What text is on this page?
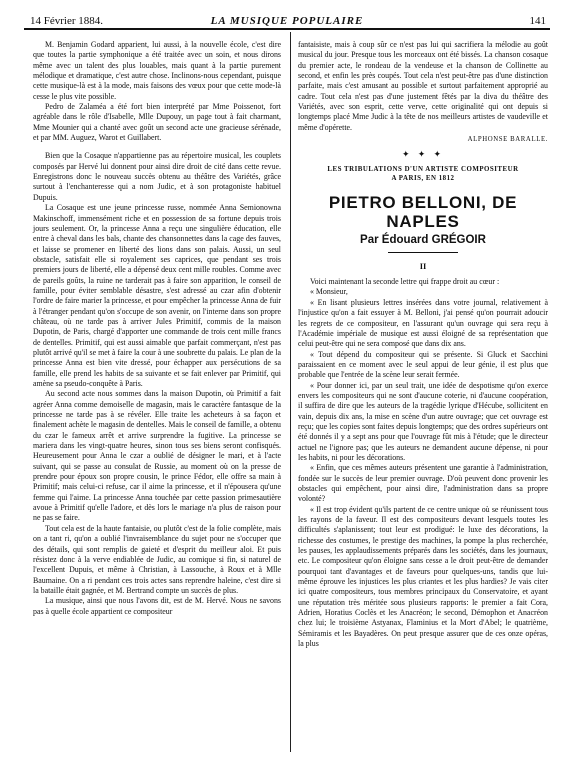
14 Février 1884.	LA MUSIQUE POPULAIRE	141

M. Benjamin Godard apparient, lui aussi, à la nouvelle école, c'est dire que toutes la partie symphonique a été traitée avec un soin, et nous dirons même avec un talent des plus louables, mais quant à la partie purement mélodique et dramatique, c'est autre chose. Inclinons-nous cependant, puisque cette musique-là est à la mode, mais faisons des vœux pour que cette mode-là cesse le plus vite possible.

Pedro de Zalaméa a été fort bien interprété par Mme Poissenot, fort agréable dans le rôle d'Isabelle, Mlle Dupouy, un page tout à fait charmant, Mme Mounier qui a chanté avec goût un second acte une gracieuse sérénade, et par MM. Auguez, Warot et Guillabert.

Bien que la Cosaque n'appartienne pas au répertoire musical, les couplets composés par Hervé lui donnent pour ainsi dire droit de cité dans cette revue. Enregistrons donc le nouveau succès obtenu au théâtre des Variétés, grâce surtout à l'enchanteresse qui a nom Judic, et à son protagoniste habituel Dupuis.

La Cosaque est une jeune princesse russe, nommée Anna Semionowna Makinschoff, immensément riche et en possession de sa fortune depuis trois jours seulement. Or, la princesse Anna a reçu une singulière éducation, elle entre à cheval dans les bals, chante des chansonnettes dans la cage des fauves, et laisse se promener en liberté des lions dans son palais. Aussi, un seul obstacle, satisfait elle si royalement ses caprices, que pendant ses trois premiers jours de liberté, elle a dépensé deux cent mille roubles. Comme avec de pareils goûts, la ruine ne tarderait pas à faire son apparition, le conseil de famille, pour éviter semblable désastre, s'est adressé au czar afin d'obtenir l'ordre de faire marier la princesse, et pour empêcher la princesse Anna de fuir à l'étranger pendant qu'on s'occupe de son avenir, on l'interne dans son propre château, où ne tarde pas à arriver Jules Primitif, commis de la maison Dupotin, de Paris, chargé d'apporter une commande de trois cent mille francs de dentelles. Primitif, qui est aussi aimable que parfait commerçant, n'est pas plutôt arrivé qu'il se met à faire la cour à une soubrette du palais. Le plan de la princesse Anna est bien vite dressé, pour échapper aux persécutions de sa famille, elle prend les habits de sa suivante et se fait enlever par Primitif, qui amène sa pseudo-conquête à Paris.

Au second acte nous sommes dans la maison Dupotin, où Primitif a fait agréer Anna comme demoiselle de magasin, mais le caractère fantasque de la princesse ne tarde pas à se révéler. Elle traite les acheteurs à sa façon et finalement achète le magasin de dentelles. Mais le conseil de famille, a obtenu du czar le fameux arrêt et arrive surprendre la fugitive. La princesse se mariera dans les vingt-quatre heures, sinon tous ses biens seront confisqués. Heureusement pour Anna le czar a oublié de désigner le mari, et à l'acte suivant, qui se passe au consulat de Russie, au moment où on la presse de prendre pour époux son propre cousin, le prince Fédor, elle offre sa main à Primitif; mais celui-ci refuse, car il aime la princesse, et il n'épousera qu'une femme qui l'aime. La princesse Anna touchée par cette passion primesautière avoue à Primitif qu'elle l'adore, et dès lors le mariage n'a plus de raison pour ne pas se faire.

Tout cela est de la haute fantaisie, ou plutôt c'est de la folie complète, mais on a tant ri, qu'on a oublié l'invraisemblance du sujet pour ne s'occuper que des détails, qui sont remplis de gaieté et d'esprit du meilleur aloi. Et puis résistez donc à la verve endiablée de Judic, au comique si fin, si naturel de l'excellent Dupuis, et même à Christian, à Lassouche, à Roux et à Mlle Baumaine. On a ri pendant ces trois actes sans reprendre haleine, c'est dire si la bataille était gagnée, et M. Bertrand compte un succès de plus.

La musique, ainsi que nous l'avons dit, est de M. Hervé. Nous ne savons pas à quelle école appartient ce compositeur

fantaisiste, mais à coup sûr ce n'est pas lui qui sacrifiera la mélodie au goût musical du jour. Presque tous les morceaux ont été bissés. La chanson cosaque du premier acte, le rondeau de la vendeuse et la chanson de Collinette au second, et enfin les près coupés. Tout cela n'est peut-être pas d'une distinction parfaite, mais c'est amusant au possible et surtout parfaitement approprié au cadre. Tout cela n'est pas d'une justement fêtés par la diva du théâtre des Variétés, avec son esprit, cette verve, cette originalité qui ont depuis si longtemps placé Mme Judic à la tête de nos meilleurs artistes de vaudeville et même d'opérette.

ALPHONSE BARALLE.
✦ ✦ ✦
LES TRIBULATIONS D'UN ARTISTE COMPOSITEUR
A PARIS, EN 1812
PIETRO BELLONI, DE NAPLES
Par Édouard GRÉGOIR
II

Voici maintenant la seconde lettre qui frappe droit au cœur :

« Monsieur,

« En lisant plusieurs lettres insérées dans votre journal, relativement à l'injustice qu'on a fait essuyer à M. Belloni, j'ai pensé qu'on pourrait adoucir les regrets de ce compositeur, en l'assurant qu'un ouvrage qui sera reçu à l'Académie impériale de musique est aussi éloigné de sa représentation que celui peut-être qui ne sera composé que dans dix ans.

« Tout dépend du compositeur qui se présente. Si Gluck et Sacchini paraissaient en ce moment avec le seul appui de leur génie, il est plus que probable que l'entrée de la scène leur serait fermée.

« Pour donner ici, par un seul trait, une idée de despotisme qu'on exerce envers les compositeurs qui ne sont d'aucune coterie, ni d'aucune coopération, il suffira de dire que les auteurs de la tragédie lyrique d'Hécube, sollicitent en vain, depuis dix ans, la mise en scène d'un autre ouvrage; que cet ouvrage est reçu; que les copies sont faites depuis longtemps; que des ordres supérieurs ont été donnés il y a sept ans pour que l'ouvrage fût mis à l'étude; que le directeur actuel ne l'ignore pas; que les auteurs ne demandent aucune dépense, ni pour les habits, ni pour les décorations.

« Enfin, que ces mêmes auteurs présentent une garantie à l'administration, fondée sur le succès de leur premier ouvrage. D'où peuvent donc provenir les obstacles qui empêchent, pour ainsi dire, l'administration dans sa propre volonté?

« Il est trop évident qu'ils partent de ce centre unique où se réunissent tous les rayons de la faveur. Il est des compositeurs devant lesquels toutes les difficultés s'aplanissent; tout leur est prodigué: le luxe des décorations, la richesse des costumes, le prestige des machines, la pompe la plus recherchée, les pauses, les applaudissements préparés dans les sociétés, dans les journaux, etc. Le compositeur qu'on éloigne sans cesse a le droit peut-être de demander pourquoi tant d'avantages et de faveurs pour quelques-uns, tandis que lui-même éprouve les injustices les plus criantes et les plus hardies? Je vais citer ici quatre compositeurs, tous membres principaux du Conservatoire, et ayant une réputation très méritée sous plusieurs rapports: le premier a fait Cora, Adrien, Horatius Coclès et les Anacréon; le second, Démophon et Anacréon chez lui; le troisième Astyanax, Flaminius et la Mort d'Abel; le quatrième, Sémiramis et les Bayadères. On peut presque assurer que de ces onze opéras, la plus
